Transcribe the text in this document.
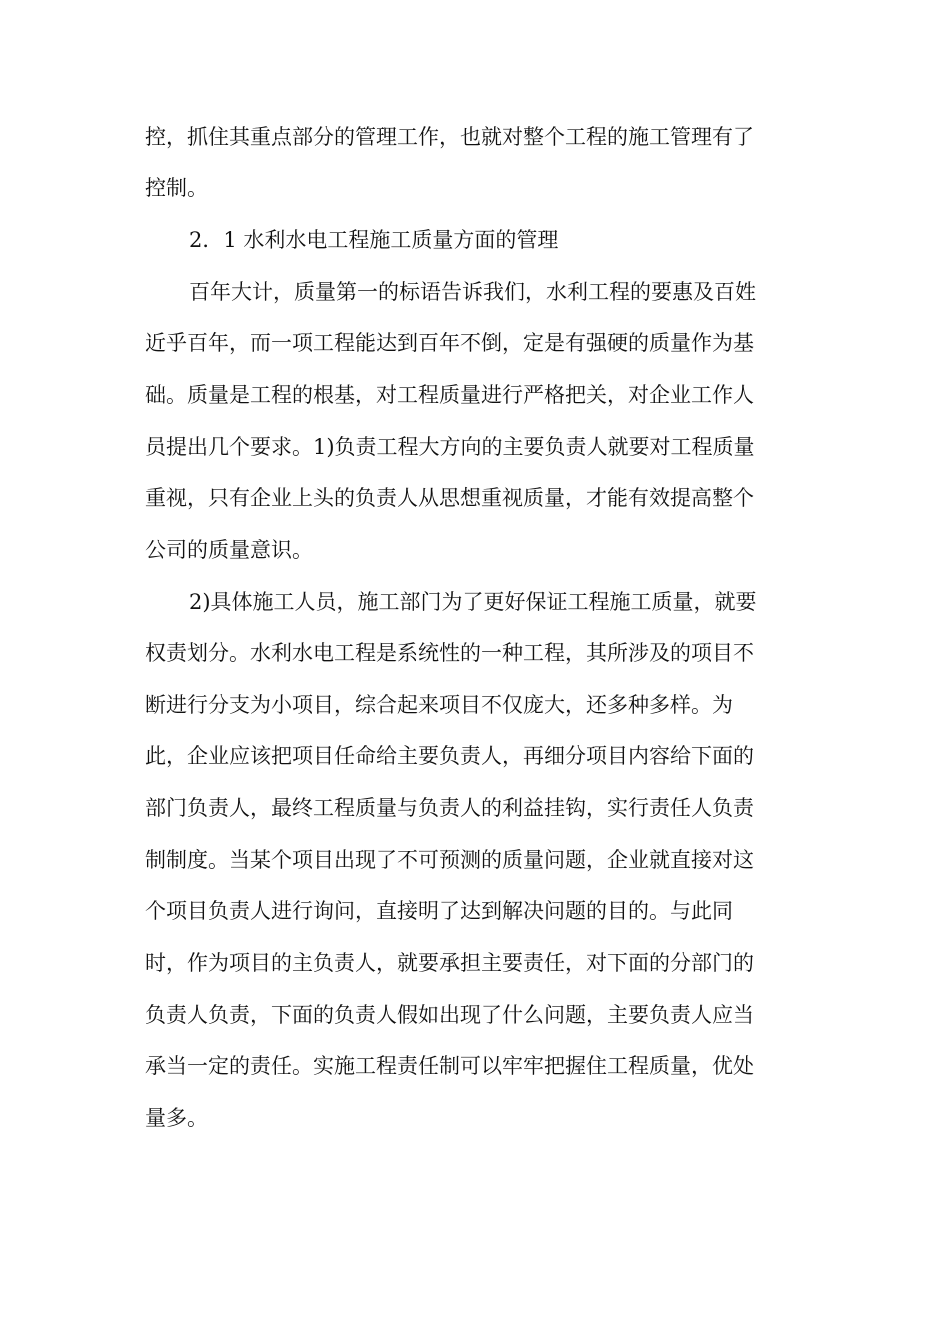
控，抓住其重点部分的管理工作，也就对整个工程的施工管理有了
控制。
2．1 水利水电工程施工质量方面的管理
百年大计，质量第一的标语告诉我们，水利工程的要惠及百姓
近乎百年，而一项工程能达到百年不倒，定是有强硬的质量作为基
础。质量是工程的根基，对工程质量进行严格把关，对企业工作人
员提出几个要求。1)负责工程大方向的主要负责人就要对工程质量
重视，只有企业上头的负责人从思想重视质量，才能有效提高整个
公司的质量意识。
2)具体施工人员，施工部门为了更好保证工程施工质量，就要
权责划分。水利水电工程是系统性的一种工程，其所涉及的项目不
断进行分支为小项目，综合起来项目不仅庞大，还多种多样。为
此，企业应该把项目任命给主要负责人，再细分项目内容给下面的
部门负责人，最终工程质量与负责人的利益挂钩，实行责任人负责
制制度。当某个项目出现了不可预测的质量问题，企业就直接对这
个项目负责人进行询问，直接明了达到解决问题的目的。与此同
时，作为项目的主负责人，就要承担主要责任，对下面的分部门的
负责人负责，下面的负责人假如出现了什么问题，主要负责人应当
承当一定的责任。实施工程责任制可以牢牢把握住工程质量，优处
量多。
